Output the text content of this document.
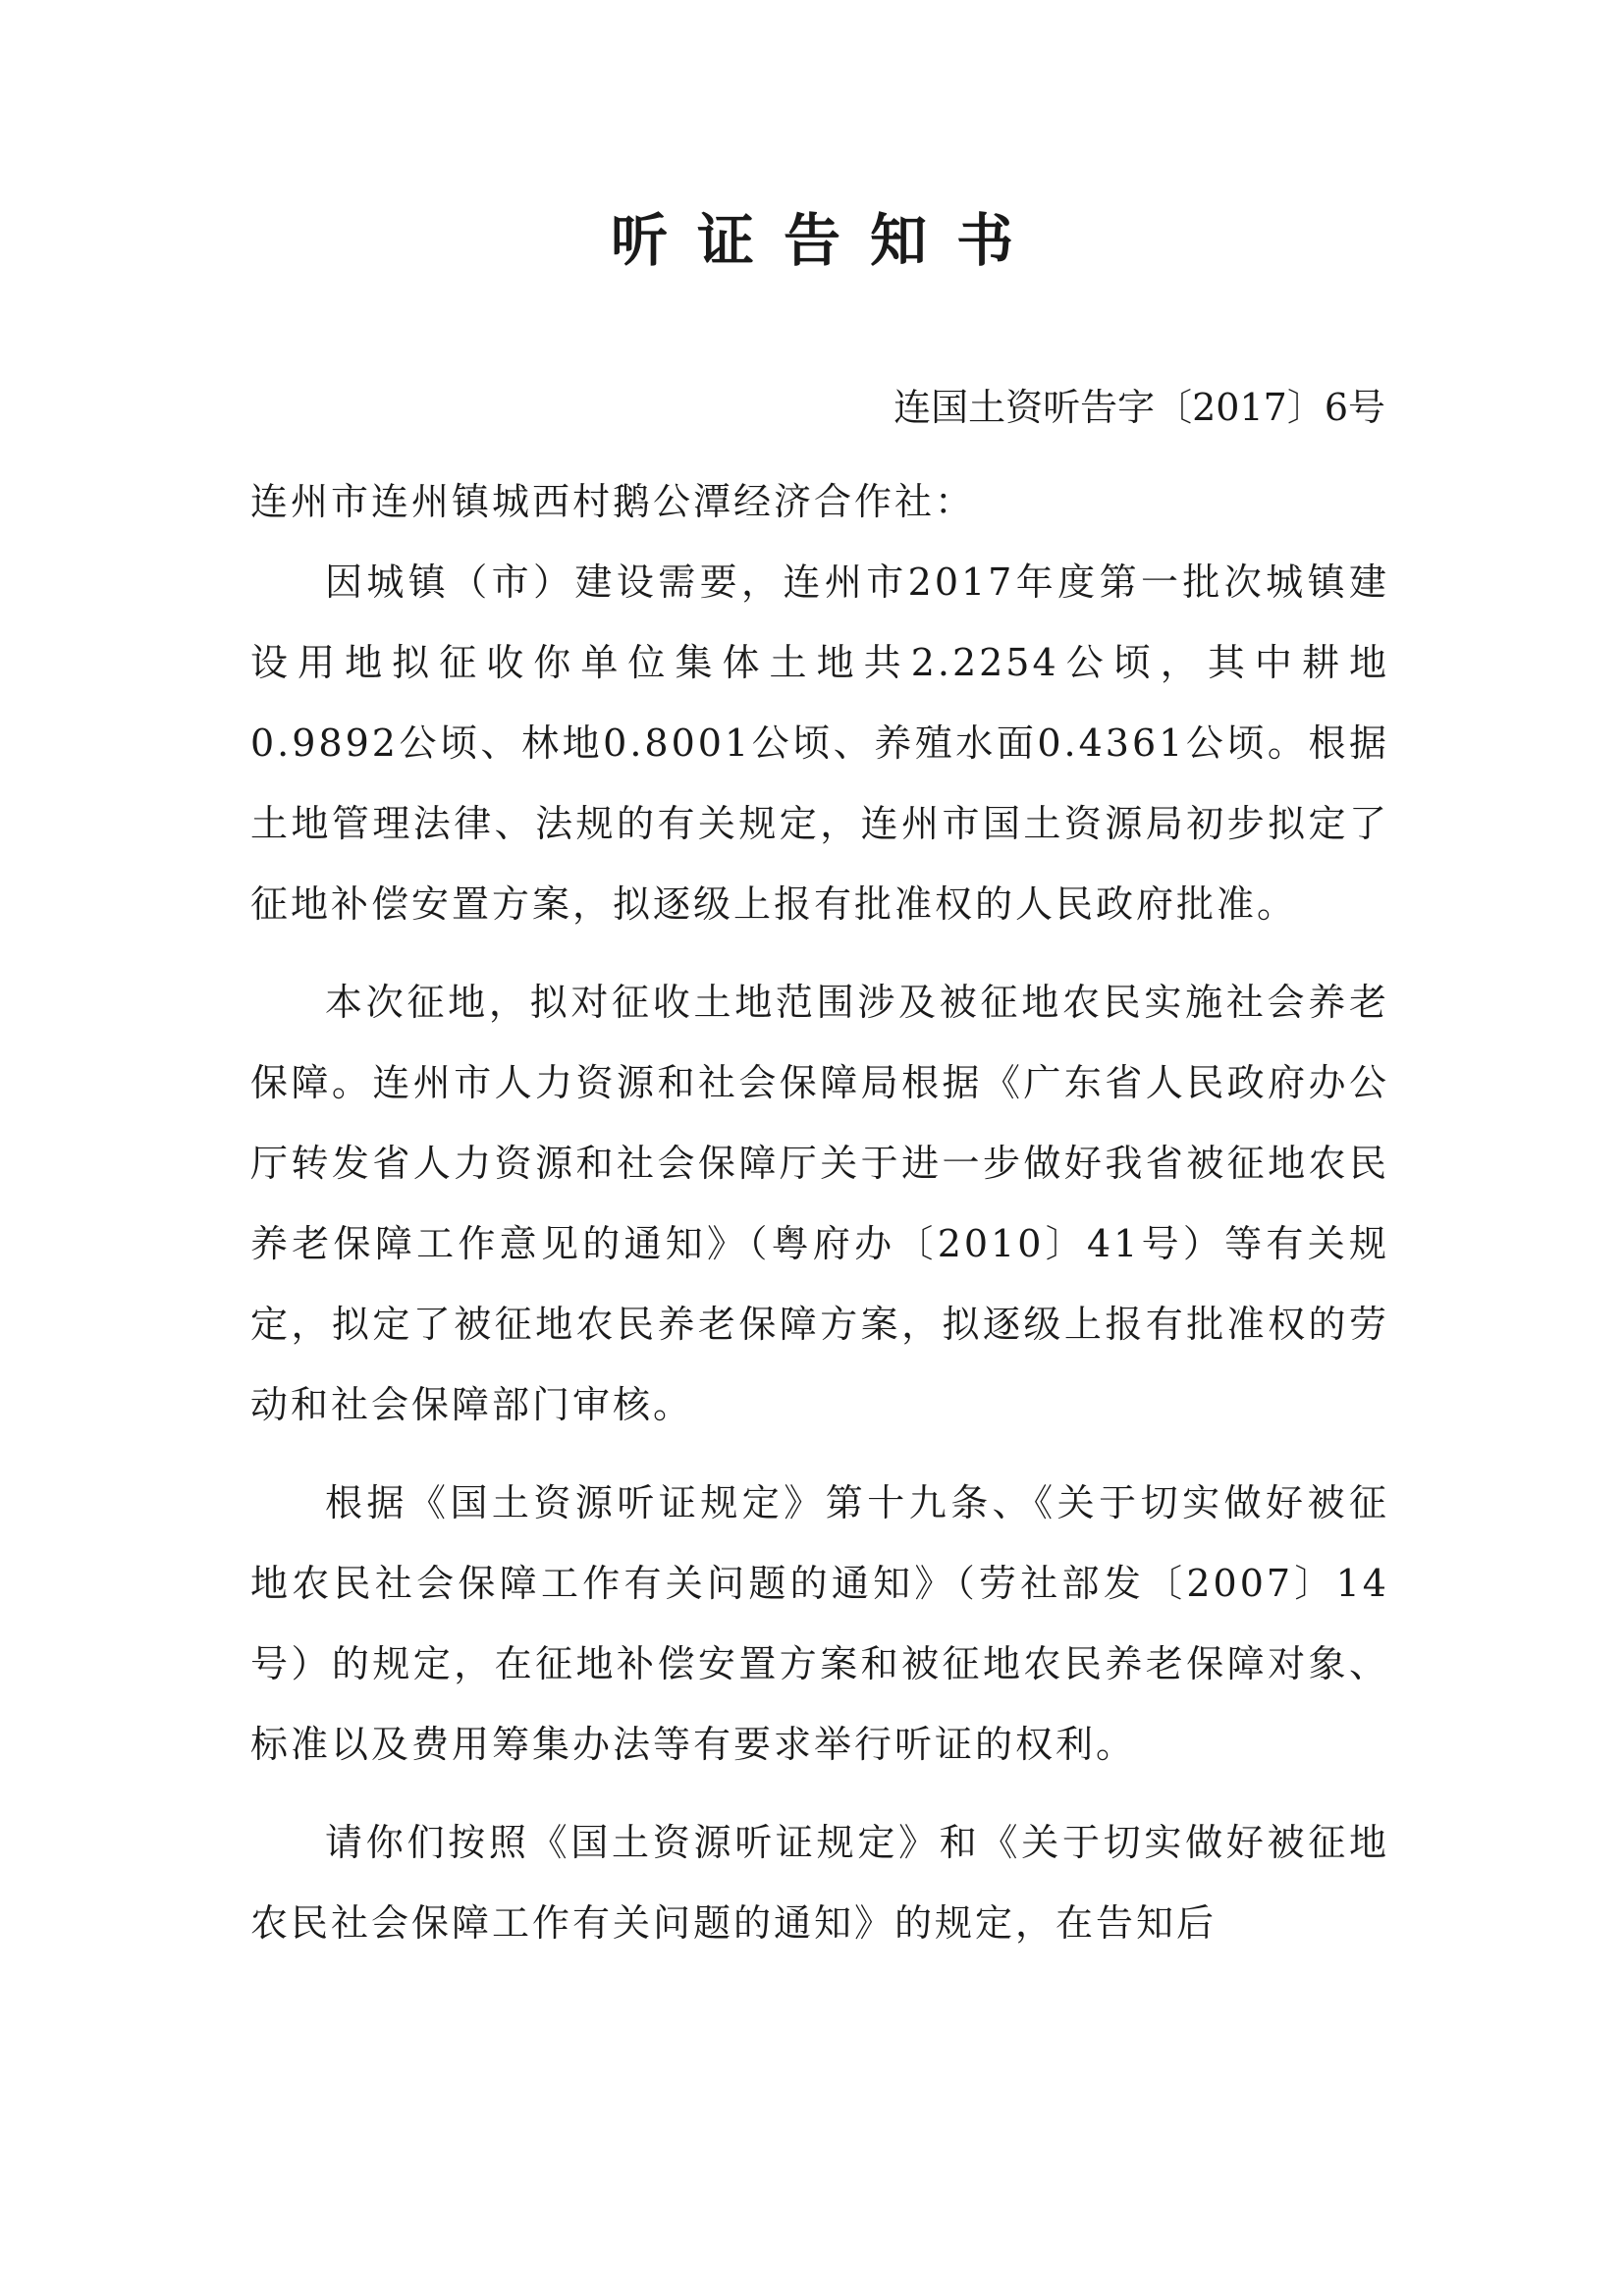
听证告知书
连国土资听告字〔2017〕6号

连州市连州镇城西村鹅公潭经济合作社：

因城镇（市）建设需要，连州市2017年度第一批次城镇建设用地拟征收你单位集体土地共2.2254公顷，其中耕地0.9892公顷、林地0.8001公顷、养殖水面0.4361公顷。根据土地管理法律、法规的有关规定，连州市国土资源局初步拟定了征地补偿安置方案，拟逐级上报有批准权的人民政府批准。

本次征地，拟对征收土地范围涉及被征地农民实施社会养老保障。连州市人力资源和社会保障局根据《广东省人民政府办公厅转发省人力资源和社会保障厅关于进一步做好我省被征地农民养老保障工作意见的通知》（粤府办〔2010〕41号）等有关规定，拟定了被征地农民养老保障方案，拟逐级上报有批准权的劳动和社会保障部门审核。

根据《国土资源听证规定》第十九条、《关于切实做好被征地农民社会保障工作有关问题的通知》（劳社部发〔2007〕14号）的规定，在征地补偿安置方案和被征地农民养老保障对象、标准以及费用筹集办法等有要求举行听证的权利。

请你们按照《国土资源听证规定》和《关于切实做好被征地农民社会保障工作有关问题的通知》的规定，在告知后
